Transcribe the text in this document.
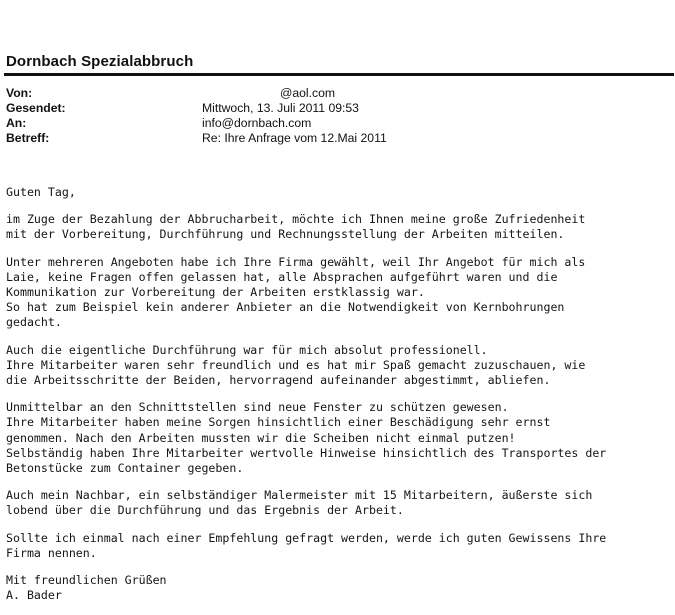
Dornbach Spezialabbruch
Von:	@aol.com
Gesendet:	Mittwoch, 13. Juli 2011 09:53
An:	info@dornbach.com
Betreff:	Re: Ihre Anfrage vom 12.Mai 2011
Guten Tag,
im Zuge der Bezahlung der Abbrucharbeit, möchte ich Ihnen meine große Zufriedenheit
mit der Vorbereitung, Durchführung und Rechnungsstellung der Arbeiten mitteilen.
Unter mehreren Angeboten habe ich Ihre Firma gewählt, weil Ihr Angebot für mich als
Laie, keine Fragen offen gelassen hat, alle Absprachen aufgeführt waren und die
Kommunikation zur Vorbereitung der Arbeiten erstklassig war.
So hat zum Beispiel kein anderer Anbieter an die Notwendigkeit von Kernbohrungen
gedacht.
Auch die eigentliche Durchführung war für mich absolut professionell.
Ihre Mitarbeiter waren sehr freundlich und es hat mir Spaß gemacht zuzuschauen, wie
die Arbeitsschritte der Beiden, hervorragend aufeinander abgestimmt, abliefen.
Unmittelbar an den Schnittstellen sind neue Fenster zu schützen gewesen.
Ihre Mitarbeiter haben meine Sorgen hinsichtlich einer Beschädigung sehr ernst
genommen. Nach den Arbeiten mussten wir die Scheiben nicht einmal putzen!
Selbständig haben Ihre Mitarbeiter wertvolle Hinweise hinsichtlich des Transportes der
Betonstücke zum Container gegeben.
Auch mein Nachbar, ein selbständiger Malermeister mit 15 Mitarbeitern, äußerste sich
lobend über die Durchführung und das Ergebnis der Arbeit.
Sollte ich einmal nach einer Empfehlung gefragt werden, werde ich guten Gewissens Ihre
Firma nennen.
Mit freundlichen Grüßen
A. Bader
